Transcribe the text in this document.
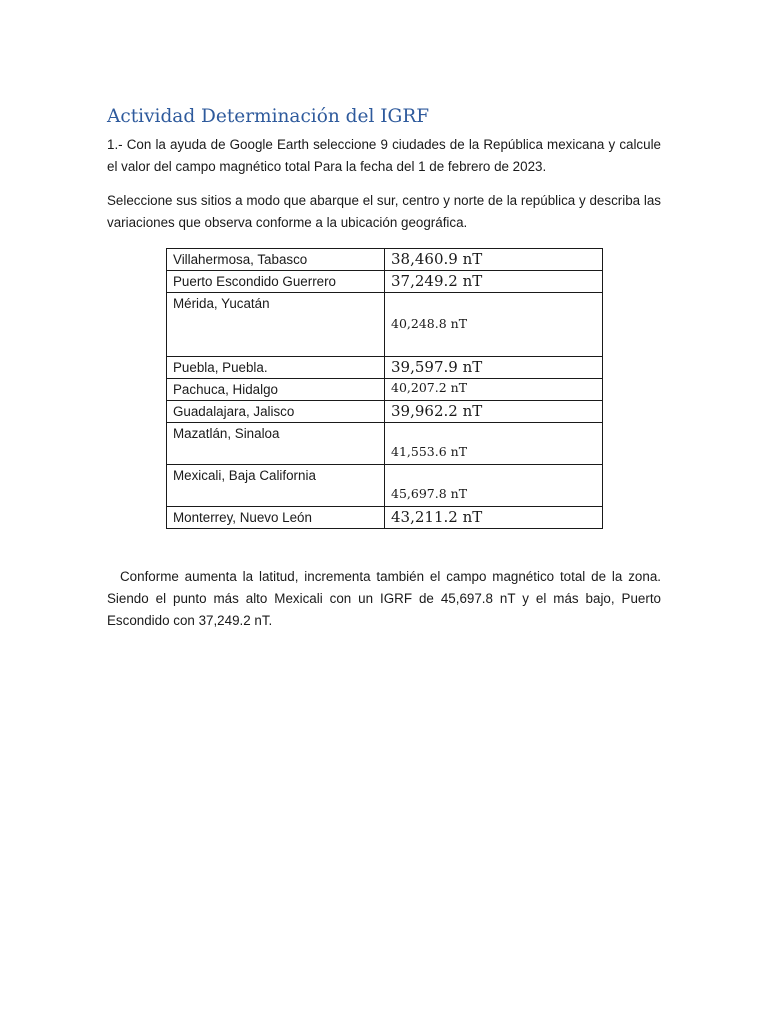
Actividad Determinación del IGRF

1.- Con la ayuda de Google Earth seleccione 9 ciudades de la República mexicana y calcule el valor del campo magnético total Para la fecha del 1 de febrero de 2023.

Seleccione sus sitios a modo que abarque el sur, centro y norte de la república y describa las variaciones que observa conforme a la ubicación geográfica.

Villahermosa, Tabasco	38,460.9 nT
Puerto Escondido Guerrero	37,249.2 nT
Mérida, Yucatán	40,248.8 nT
Puebla, Puebla.	39,597.9 nT
Pachuca, Hidalgo	40,207.2 nT
Guadalajara, Jalisco	39,962.2 nT
Mazatlán, Sinaloa	41,553.6 nT
Mexicali, Baja California	45,697.8 nT
Monterrey, Nuevo León	43,211.2 nT

Conforme aumenta la latitud, incrementa también el campo magnético total de la zona. Siendo el punto más alto Mexicali con un IGRF de 45,697.8 nT y el más bajo, Puerto Escondido con 37,249.2 nT.
